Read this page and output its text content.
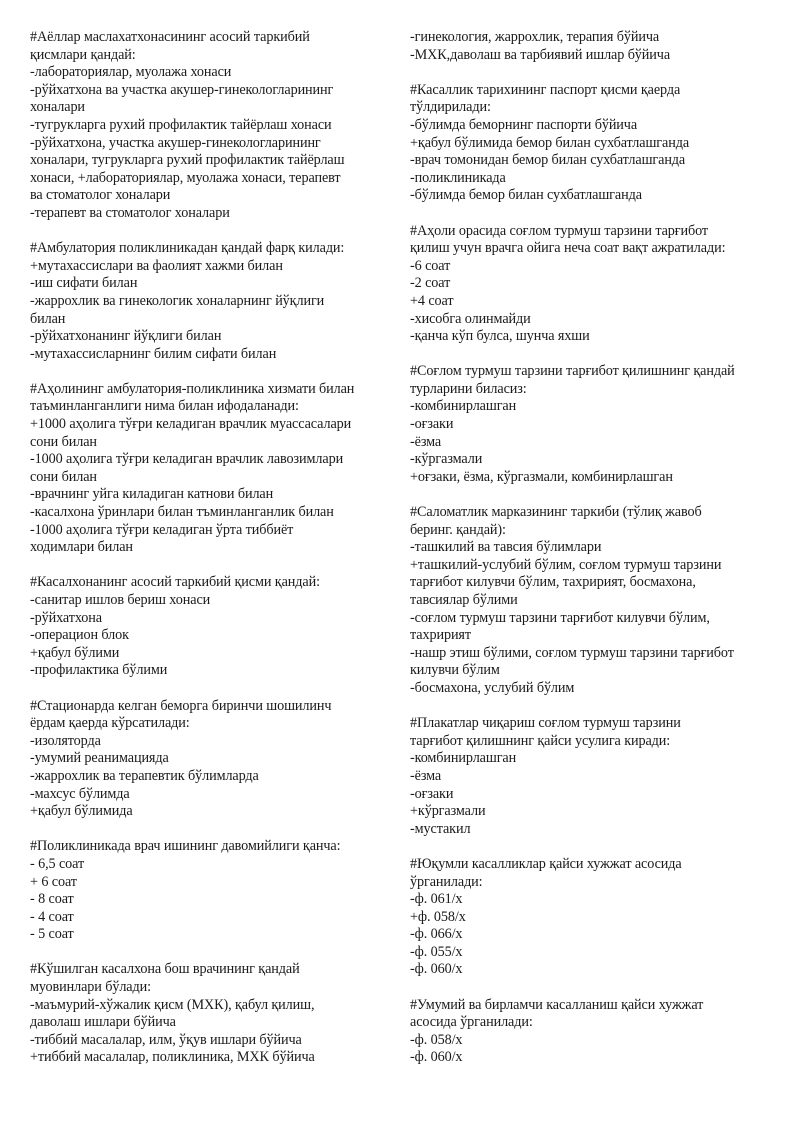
#Аёллар маслахатхонасининг асосий таркибий
қисмлари қандай:
-лабораториялар, муолажа хонаси
-рўйхатхона ва участка акушер-гинекологларининг
хоналари
-тугрукларга рухий профилактик тайёрлаш хонаси
-рўйхатхона, участка акушер-гинекологларининг
хоналари, тугрукларга рухий профилактик тайёрлаш
хонаси, +лабораториялар, муолажа хонаси, терапевт
ва стоматолог хоналари
-терапевт ва стоматолог хоналари
#Амбулатория поликлиникадан қандай фарқ килади:
+мутахассислари ва фаолият хажми билан
-иш сифати билан
-жаррохлик ва гинекологик хоналарнинг йўқлиги
билан
-рўйхатхонанинг йўқлиги билан
-мутахассисларнинг билим сифати билан
#Аҳолининг амбулатория-поликлиника хизмати билан
таъминланганлиги нима билан ифодаланади:
+1000 аҳолига тўғри келадиган врачлик муассасалари
сони билан
-1000 аҳолига тўғри келадиган врачлик лавозимлари
сони билан
-врачнинг уйга киладиган катнови билан
-касалхона ўринлари билан тъминланганлик билан
-1000 аҳолига тўғри келадиган ўрта тиббиёт
ходимлари билан
#Касалхонанинг асосий таркибий қисми қандай:
-санитар ишлов бериш хонаси
-рўйхатхона
-операцион блок
+қабул бўлими
-профилактика бўлими
#Стационарда келган беморга биринчи шошилинч
ёрдам қаерда кўрсатилади:
-изоляторда
-умумий реанимацияда
-жаррохлик ва терапевтик бўлимларда
-махсус бўлимда
+қабул бўлимида
#Поликлиникада врач ишининг давомийлиги қанча:
- 6,5 соат
+ 6 соат
- 8 соат
- 4 соат
- 5 соат
#Кўшилган касалхона бош врачининг қандай
муовинлари бўлади:
-маъмурий-хўжалик қисм (МХК), қабул қилиш,
даволаш ишлари бўйича
-тиббий масалалар, илм, ўқув ишлари бўйича
+тиббий масалалар, поликлиника, МХК бўйича
-гинекология, жаррохлик, терапия бўйича
-МХК,даволаш ва тарбиявий ишлар бўйича
#Касаллик тарихининг паспорт қисми қаерда
тўлдирилади:
-бўлимда беморнинг паспорти бўйича
+қабул бўлимида бемор билан сухбатлашганда
-врач томонидан бемор билан сухбатлашганда
-поликлиникада
-бўлимда бемор билан сухбатлашганда
#Аҳоли орасида соғлом турмуш тарзини тарғибот
қилиш учун врачга ойига неча соат вақт ажратилади:
-6 соат
-2 соат
+4 соат
-хисобга олинмайди
-қанча кўп булса, шунча яхши
#Соғлом турмуш тарзини тарғибот қилишнинг қандай
турларини биласиз:
-комбинирлашган
-оғзаки
-ёзма
-кўргазмали
+оғзаки, ёзма, кўргазмали, комбинирлашган
#Саломатлик марказининг таркиби (тўлиқ жавоб
беринг. қандай):
-ташкилий ва тавсия бўлимлари
+ташкилий-услубий бўлим, соғлом турмуш тарзини
тарғибот килувчи бўлим, тахририят, босмахона,
тавсиялар бўлими
-соғлом турмуш тарзини тарғибот килувчи бўлим,
тахририят
-нашр этиш бўлими, соғлом турмуш тарзини тарғибот
килувчи бўлим
-босмахона, услубий бўлим
#Плакатлар чиқариш соғлом турмуш тарзини
тарғибот қилишнинг қайси усулига киради:
-комбинирлашган
-ёзма
-оғзаки
+кўргазмали
-мустакил
#Юқумли касалликлар қайси хужжат асосида
ўрганилади:
-ф. 061/х
+ф. 058/х
-ф. 066/х
-ф. 055/х
-ф. 060/х
#Умумий ва бирламчи касалланиш қайси хужжат
асосида ўрганилади:
-ф. 058/х
-ф. 060/х
